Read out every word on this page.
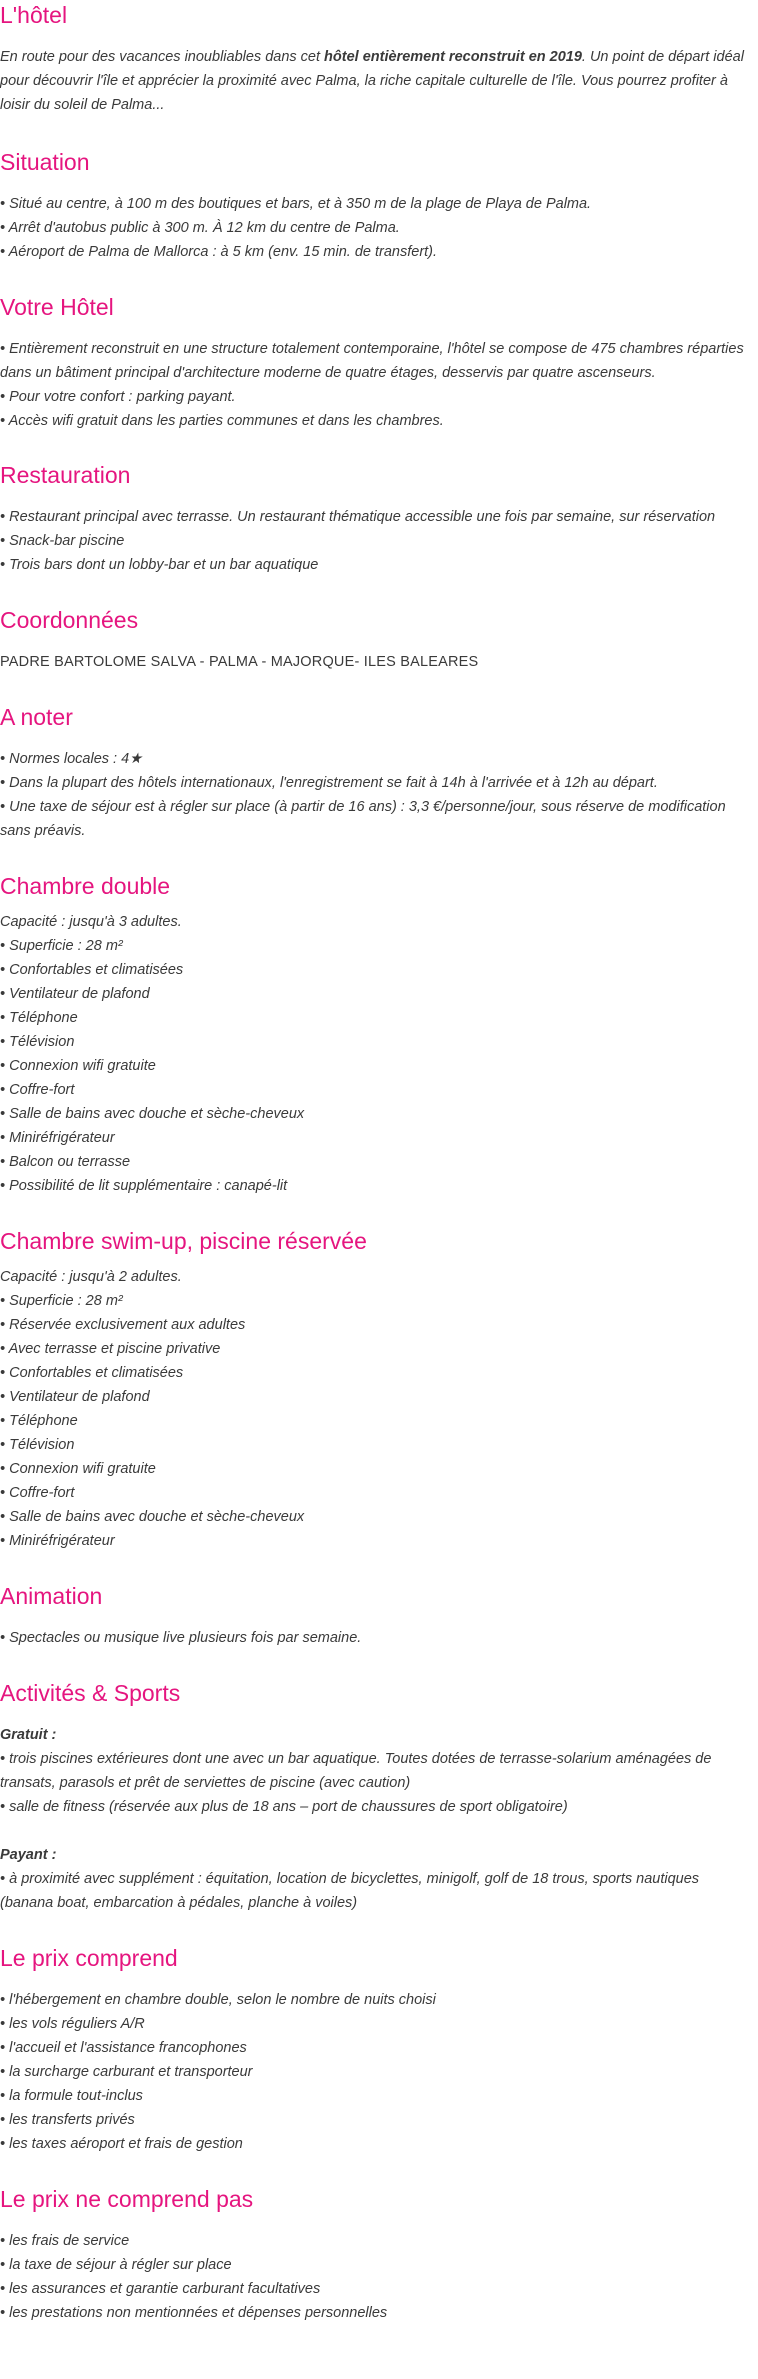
L'hôtel

En route pour des vacances inoubliables dans cet hôtel entièrement reconstruit en 2019. Un point de départ idéal pour découvrir l'île et apprécier la proximité avec Palma, la riche capitale culturelle de l'île. Vous pourrez profiter à loisir du soleil de Palma...

Situation

• Situé au centre, à 100 m des boutiques et bars, et à 350 m de la plage de Playa de Palma.
• Arrêt d'autobus public à 300 m. À 12 km du centre de Palma.
• Aéroport de Palma de Mallorca : à 5 km (env. 15 min. de transfert).

Votre Hôtel

• Entièrement reconstruit en une structure totalement contemporaine, l'hôtel se compose de 475 chambres réparties dans un bâtiment principal d'architecture moderne de quatre étages, desservis par quatre ascenseurs.
• Pour votre confort : parking payant.
• Accès wifi gratuit dans les parties communes et dans les chambres.

Restauration

• Restaurant principal avec terrasse. Un restaurant thématique accessible une fois par semaine, sur réservation
• Snack-bar piscine
• Trois bars dont un lobby-bar et un bar aquatique

Coordonnées

PADRE BARTOLOME SALVA - PALMA - MAJORQUE- ILES BALEARES

A noter

• Normes locales : 4★
• Dans la plupart des hôtels internationaux, l'enregistrement se fait à 14h à l'arrivée et à 12h au départ.
• Une taxe de séjour est à régler sur place (à partir de 16 ans) : 3,3 €/personne/jour, sous réserve de modification sans préavis.

Chambre double

Capacité : jusqu'à 3 adultes.
• Superficie : 28 m²
• Confortables et climatisées
• Ventilateur de plafond
• Téléphone
• Télévision
• Connexion wifi gratuite
• Coffre-fort
• Salle de bains avec douche et sèche-cheveux
• Miniréfrigérateur
• Balcon ou terrasse
• Possibilité de lit supplémentaire : canapé-lit

Chambre swim-up, piscine réservée

Capacité : jusqu'à 2 adultes.
• Superficie : 28 m²
• Réservée exclusivement aux adultes
• Avec terrasse et piscine privative
• Confortables et climatisées
• Ventilateur de plafond
• Téléphone
• Télévision
• Connexion wifi gratuite
• Coffre-fort
• Salle de bains avec douche et sèche-cheveux
• Miniréfrigérateur

Animation

• Spectacles ou musique live plusieurs fois par semaine.

Activités & Sports

Gratuit :
• trois piscines extérieures dont une avec un bar aquatique. Toutes dotées de terrasse-solarium aménagées de transats, parasols et prêt de serviettes de piscine (avec caution)
• salle de fitness (réservée aux plus de 18 ans – port de chaussures de sport obligatoire)
Payant :
• à proximité avec supplément : équitation, location de bicyclettes, minigolf, golf de 18 trous, sports nautiques (banana boat, embarcation à pédales, planche à voiles)

Le prix comprend

• l'hébergement en chambre double, selon le nombre de nuits choisi
• les vols réguliers A/R
• l'accueil et l'assistance francophones
• la surcharge carburant et transporteur
• la formule tout-inclus
• les transferts privés
• les taxes aéroport et frais de gestion

Le prix ne comprend pas

• les frais de service
• la taxe de séjour à régler sur place
• les assurances et garantie carburant facultatives
• les prestations non mentionnées et dépenses personnelles
